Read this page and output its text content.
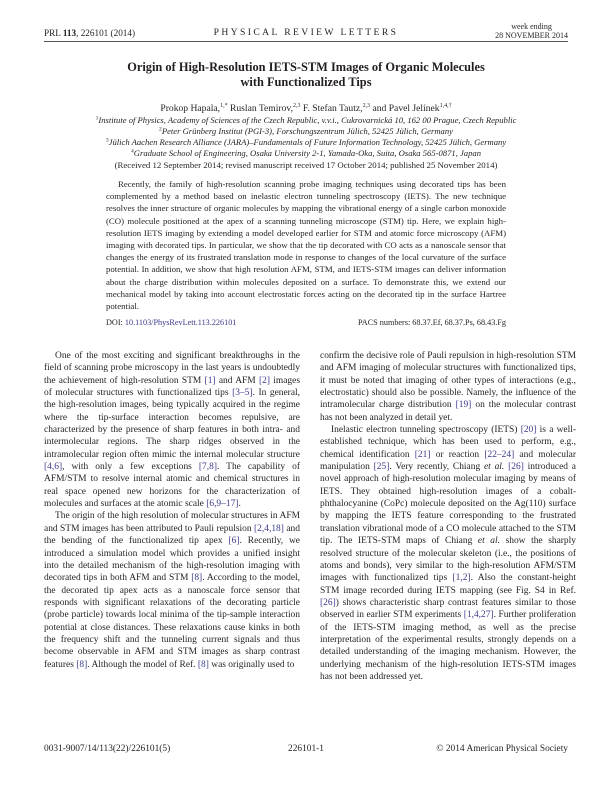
PRL 113, 226101 (2014)	PHYSICAL REVIEW LETTERS
week ending
28 NOVEMBER 2014
Origin of High-Resolution IETS-STM Images of Organic Molecules
with Functionalized Tips
Prokop Hapala,$^{1,*}$ Ruslan Temirov,$^{2,3}$ F. Stefan Tautz,$^{2,3}$ and Pavel Jelínek$^{1,4,\dagger}$
$^1$Institute of Physics, Academy of Sciences of the Czech Republic, v.v.i., Cukrovarnická 10, 162 00 Prague, Czech Republic
$^2$Peter Grünberg Institut (PGI-3), Forschungszentrum Jülich, 52425 Jülich, Germany
$^3$Jülich Aachen Research Alliance (JARA)–Fundamentals of Future Information Technology, 52425 Jülich, Germany
$^4$Graduate School of Engineering, Osaka University 2-1, Yamada-Oka, Suita, Osaka 565-0871, Japan
(Received 12 September 2014; revised manuscript received 17 October 2014; published 25 November 2014)
Recently, the family of high-resolution scanning probe imaging techniques using decorated tips has been complemented by a method based on inelastic electron tunneling spectroscopy (IETS). The new technique resolves the inner structure of organic molecules by mapping the vibrational energy of a single carbon monoxide (CO) molecule positioned at the apex of a scanning tunneling microscope (STM) tip. Here, we explain high-resolution IETS imaging by extending a model developed earlier for STM and atomic force microscopy (AFM) imaging with decorated tips. In particular, we show that the tip decorated with CO acts as a nanoscale sensor that changes the energy of its frustrated translation mode in response to changes of the local curvature of the surface potential. In addition, we show that high resolution AFM, STM, and IETS-STM images can deliver information about the charge distribution within molecules deposited on a surface. To demonstrate this, we extend our mechanical model by taking into account electrostatic forces acting on the decorated tip in the surface Hartree potential.
DOI: 10.1103/PhysRevLett.113.226101	PACS numbers: 68.37.Ef, 68.37.Ps, 68.43.Fg

One of the most exciting and significant breakthroughs in the field of scanning probe microscopy in the last years is undoubtedly the achievement of high-resolution STM [1] and AFM [2] images of molecular structures with functionalized tips [3–5]. In general, the high-resolution images, being typically acquired in the regime where the tip-surface interaction becomes repulsive, are characterized by the presence of sharp features in both intra- and intermolecular regions. The sharp ridges observed in the intramolecular region often mimic the internal molecular structure [4,6], with only a few exceptions [7,8]. The capability of AFM/STM to resolve internal atomic and chemical structures in real space opened new horizons for the characterization of molecules and surfaces at the atomic scale [6,9–17].

The origin of the high resolution of molecular structures in AFM and STM images has been attributed to Pauli repulsion [2,4,18] and the bending of the functionalized tip apex [6]. Recently, we introduced a simulation model which provides a unified insight into the detailed mechanism of the high-resolution imaging with decorated tips in both AFM and STM [8]. According to the model, the decorated tip apex acts as a nanoscale force sensor that responds with significant relaxations of the decorating particle (probe particle) towards local minima of the tip-sample interaction potential at close distances. These relaxations cause kinks in both the frequency shift and the tunneling current signals and thus become observable in AFM and STM images as sharp contrast features [8]. Although the model of Ref. [8] was originally used to

confirm the decisive role of Pauli repulsion in high-resolution STM and AFM imaging of molecular structures with functionalized tips, it must be noted that imaging of other types of interactions (e.g., electrostatic) should also be possible. Namely, the influence of the intramolecular charge distribution [19] on the molecular contrast has not been analyzed in detail yet.

Inelastic electron tunneling spectroscopy (IETS) [20] is a well-established technique, which has been used to perform, e.g., chemical identification [21] or reaction [22–24] and molecular manipulation [25]. Very recently, Chiang et al. [26] introduced a novel approach of high-resolution molecular imaging by means of IETS. They obtained high-resolution images of a cobalt-phthalocyanine (CoPc) molecule deposited on the Ag(110) surface by mapping the IETS feature corresponding to the frustrated translation vibrational mode of a CO molecule attached to the STM tip. The IETS-STM maps of Chiang et al. show the sharply resolved structure of the molecular skeleton (i.e., the positions of atoms and bonds), very similar to the high-resolution AFM/STM images with functionalized tips [1,2]. Also the constant-height STM image recorded during IETS mapping (see Fig. S4 in Ref. [26]) shows characteristic sharp contrast features similar to those observed in earlier STM experiments [1,4,27]. Further proliferation of the IETS-STM imaging method, as well as the precise interpretation of the experimental results, strongly depends on a detailed understanding of the imaging mechanism. However, the underlying mechanism of the high-resolution IETS-STM images has not been addressed yet.

0031-9007/14/113(22)/226101(5)	226101-1	© 2014 American Physical Society
